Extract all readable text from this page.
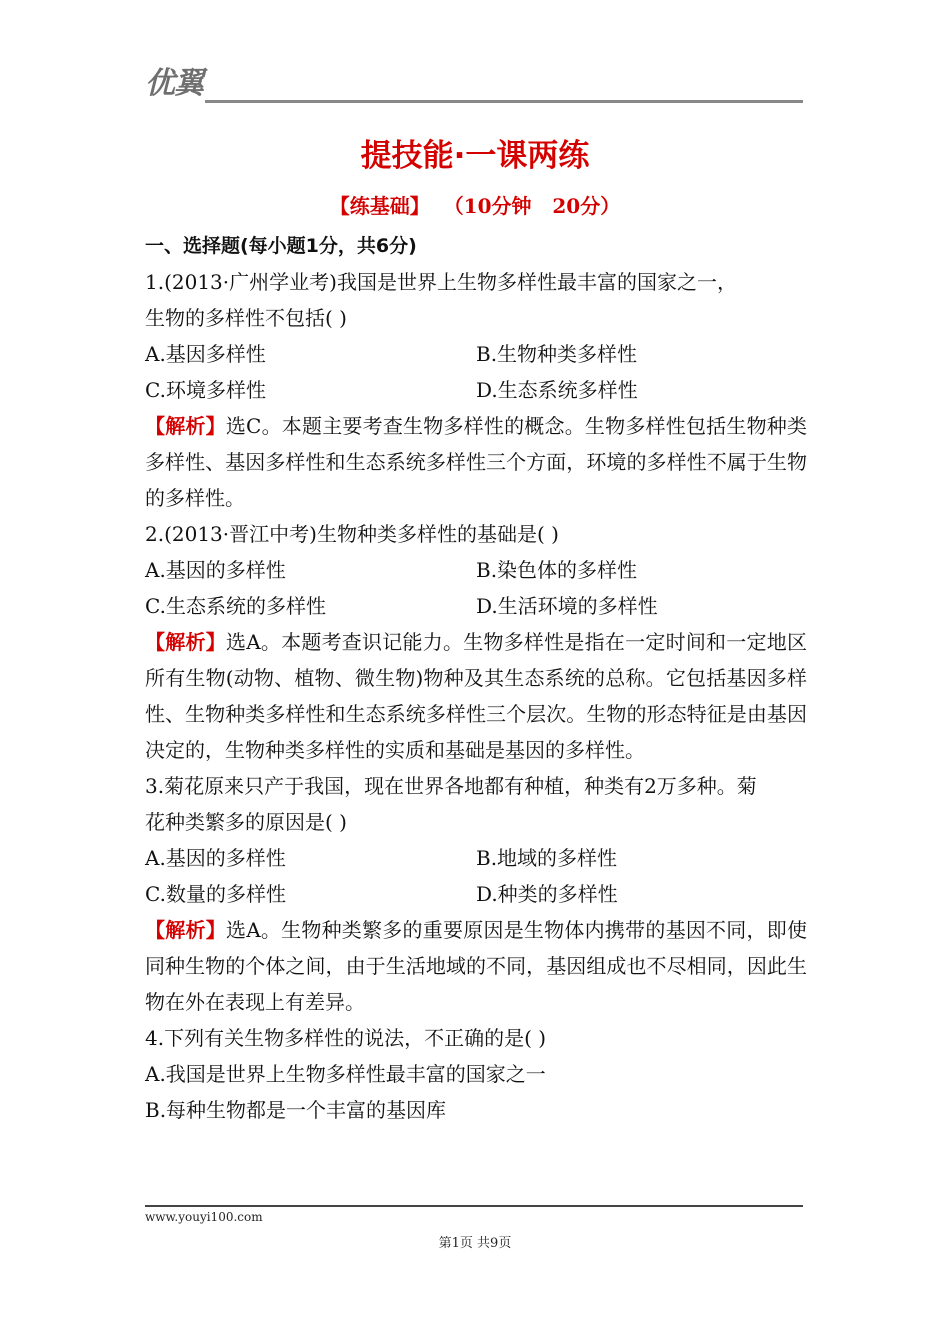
优翼
提技能·一课两练
【练基础】  （10分钟   20分）
一、选择题(每小题1分，共6分)
1.(2013·广州学业考)我国是世界上生物多样性最丰富的国家之一，
生物的多样性不包括( )
A.基因多样性	B.生物种类多样性
C.环境多样性	D.生态系统多样性
【解析】选C。本题主要考查生物多样性的概念。生物多样性包括生物种类多样性、基因多样性和生态系统多样性三个方面，环境的多样性不属于生物的多样性。
2.(2013·晋江中考)生物种类多样性的基础是( )
A.基因的多样性	B.染色体的多样性
C.生态系统的多样性	D.生活环境的多样性
【解析】选A。本题考查识记能力。生物多样性是指在一定时间和一定地区所有生物(动物、植物、微生物)物种及其生态系统的总称。它包括基因多样性、生物种类多样性和生态系统多样性三个层次。生物的形态特征是由基因决定的，生物种类多样性的实质和基础是基因的多样性。
3.菊花原来只产于我国，现在世界各地都有种植，种类有2万多种。菊
花种类繁多的原因是( )
A.基因的多样性	B.地域的多样性
C.数量的多样性	D.种类的多样性
【解析】选A。生物种类繁多的重要原因是生物体内携带的基因不同，即使同种生物的个体之间，由于生活地域的不同，基因组成也不尽相同，因此生物在外在表现上有差异。
4.下列有关生物多样性的说法，不正确的是( )
A.我国是世界上生物多样性最丰富的国家之一
B.每种生物都是一个丰富的基因库
www.youyi100.com
第1页 共9页
